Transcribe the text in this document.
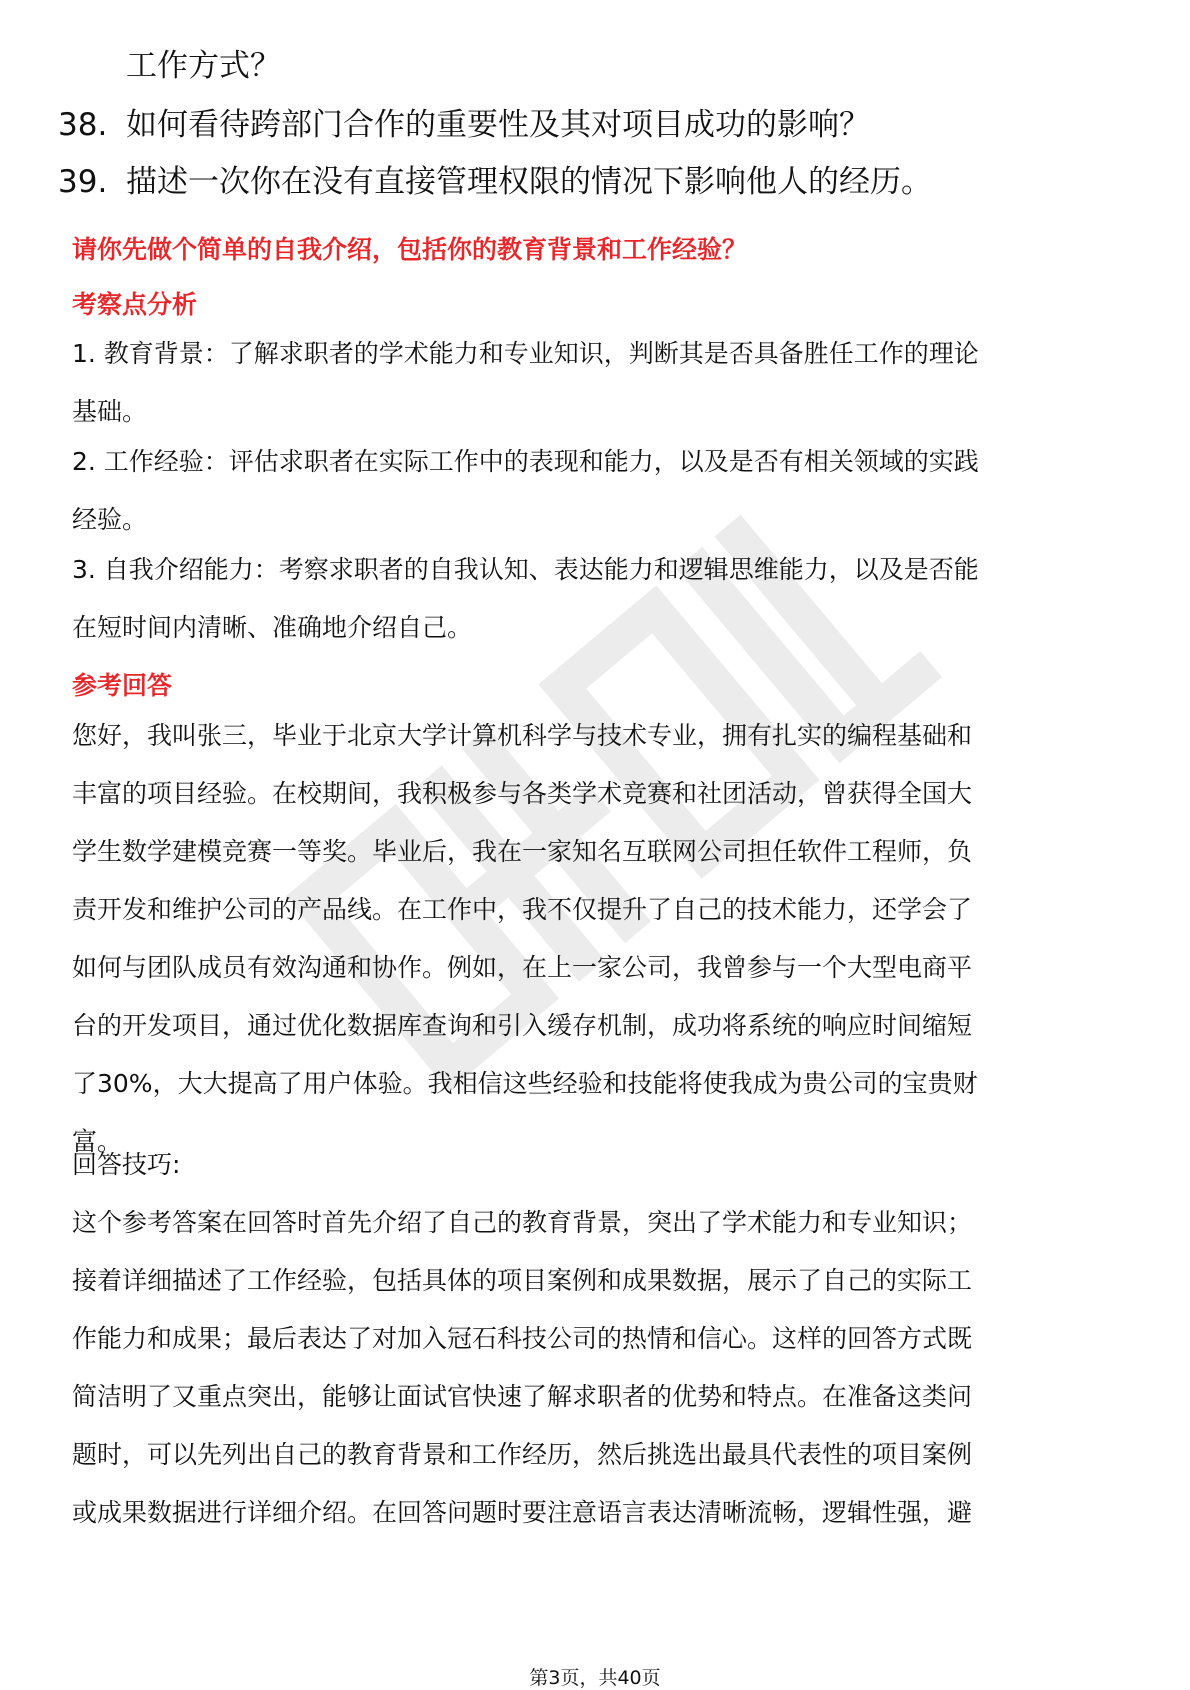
工作方式？
38. 如何看待跨部门合作的重要性及其对项目成功的影响？
39. 描述一次你在没有直接管理权限的情况下影响他人的经历。
请你先做个简单的自我介绍，包括你的教育背景和工作经验？
考察点分析
1. 教育背景：了解求职者的学术能力和专业知识，判断其是否具备胜任工作的理论
基础。
2. 工作经验：评估求职者在实际工作中的表现和能力，以及是否有相关领域的实践
经验。
3. 自我介绍能力：考察求职者的自我认知、表达能力和逻辑思维能力，以及是否能
在短时间内清晰、准确地介绍自己。
参考回答
您好，我叫张三，毕业于北京大学计算机科学与技术专业，拥有扎实的编程基础和
丰富的项目经验。在校期间，我积极参与各类学术竞赛和社团活动，曾获得全国大
学生数学建模竞赛一等奖。毕业后，我在一家知名互联网公司担任软件工程师，负
责开发和维护公司的产品线。在工作中，我不仅提升了自己的技术能力，还学会了
如何与团队成员有效沟通和协作。例如，在上一家公司，我曾参与一个大型电商平
台的开发项目，通过优化数据库查询和引入缓存机制，成功将系统的响应时间缩短
了30%，大大提高了用户体验。我相信这些经验和技能将使我成为贵公司的宝贵财
富。
回答技巧:
这个参考答案在回答时首先介绍了自己的教育背景，突出了学术能力和专业知识；
接着详细描述了工作经验，包括具体的项目案例和成果数据，展示了自己的实际工
作能力和成果；最后表达了对加入冠石科技公司的热情和信心。这样的回答方式既
简洁明了又重点突出，能够让面试官快速了解求职者的优势和特点。在准备这类问
题时，可以先列出自己的教育背景和工作经历，然后挑选出最具代表性的项目案例
或成果数据进行详细介绍。在回答问题时要注意语言表达清晰流畅，逻辑性强，避
第3页，共40页
